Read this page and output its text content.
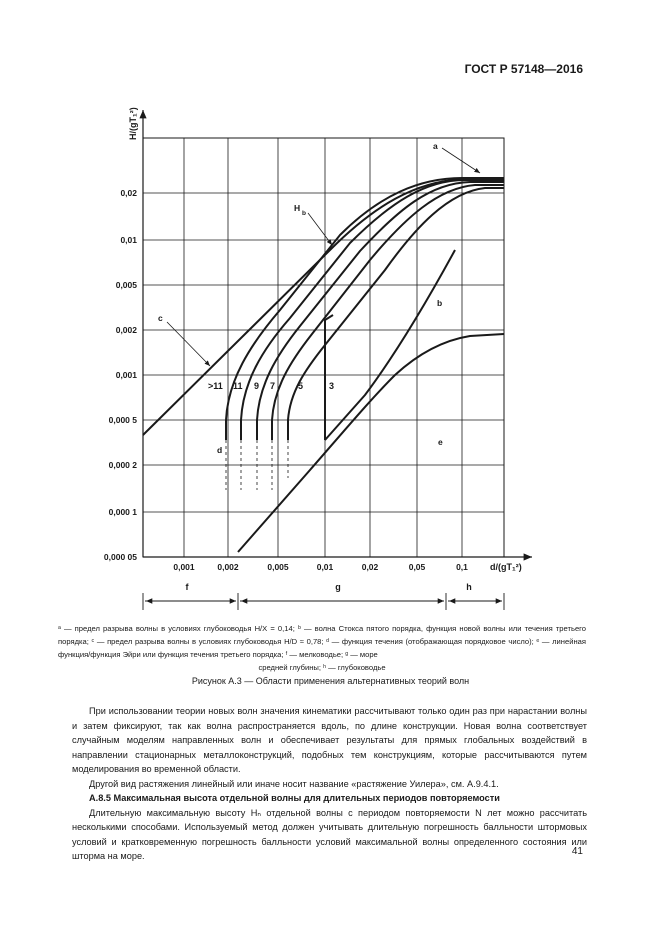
ГОСТ Р 57148—2016
0,02
0,01
0,005
0,002
0,001
0,000 5
0,000 2
0,000 1
0,000 05
0,001	0,002	0,005	0,01	0,02	0,05	0,1
H/(gT₁²)
d/(gT₁²)
>11 11 9 7	5	3
a
b
c
d
e
H
b
f	g	h
ᵃ — предел разрыва волны в условиях глубоководья H/X = 0,14; ᵇ — волна Стокса пятого порядка, функция новой волны или течения третьего порядка; ᶜ — предел разрыва волны в условиях глубоководья H/D ≈ 0,78; ᵈ — функция течения (отображающая порядковое число); ᵉ — линейная функция/функция Эйри или функция течения третьего порядка; ᶠ — мелководье; ᵍ — море
средней глубины; ʰ — глубоководье
Рисунок A.3 — Области применения альтернативных теорий волн

При использовании теории новых волн значения кинематики рассчитывают только один раз при нарастании волны и затем фиксируют, так как волна распространяется вдоль, по длине конструкции. Новая волна соответствует случайным моделям направленных волн и обеспечивает результаты для прямых глобальных воздействий в направлении стационарных металлоконструкций, подобных тем конструкциям, которые рассчитываются путем моделирования во временной области.

Другой вид растяжения линейный или иначе носит название «растяжение Уилера», см. A.9.4.1.

A.8.5 Максимальная высота отдельной волны для длительных периодов повторяемости

Длительную максимальную высоту Hₙ отдельной волны с периодом повторяемости N лет можно рассчитать несколькими способами. Используемый метод должен учитывать длительную погрешность балльности штормовых условий и кратковременную погрешность балльности условий максимальной волны определенного состояния или шторма на море.	41
